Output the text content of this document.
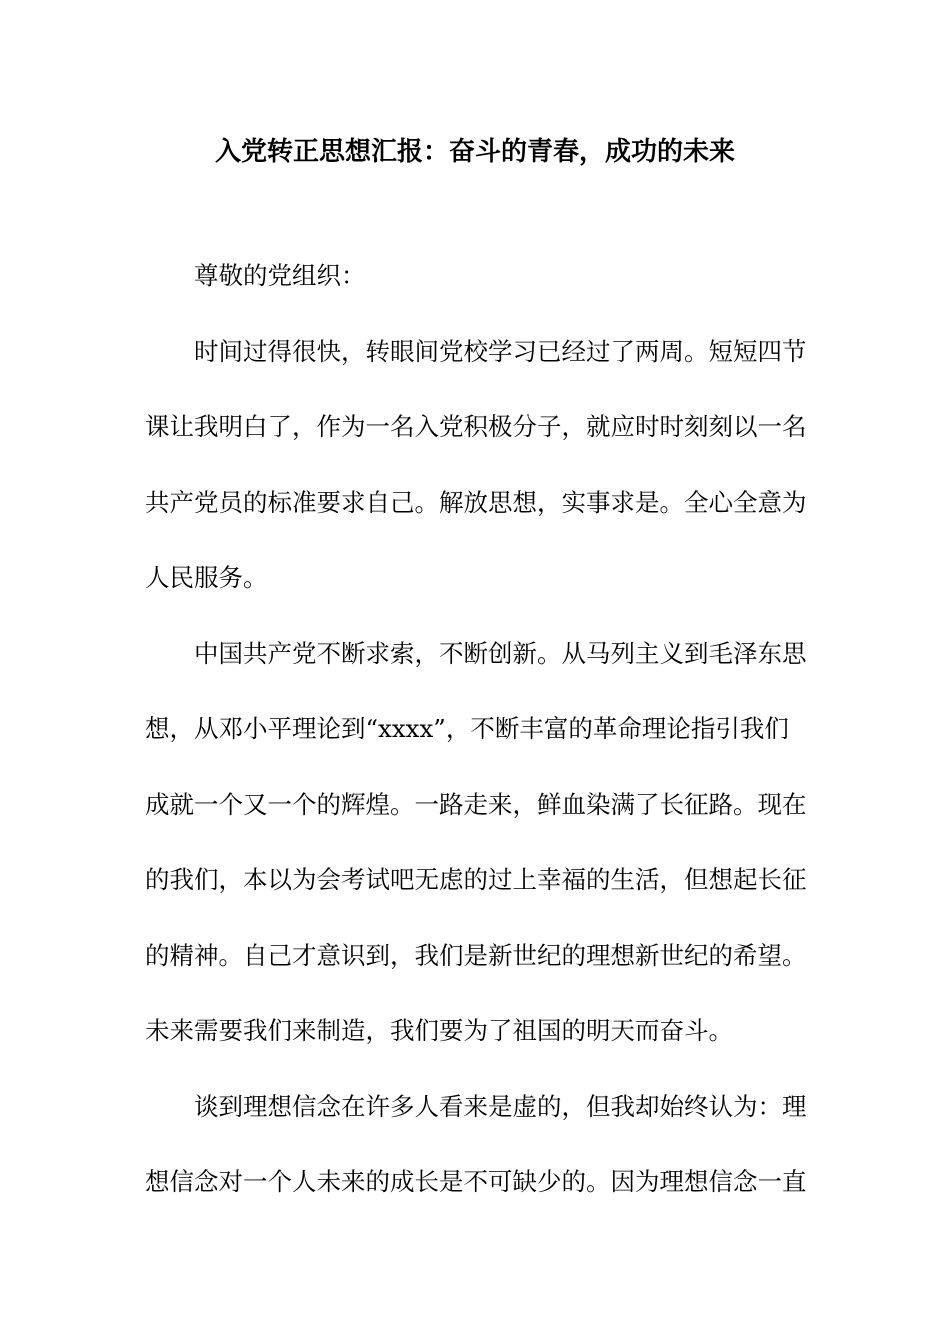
入党转正思想汇报：奋斗的青春，成功的未来
尊敬的党组织：
时间过得很快，转眼间党校学习已经过了两周。短短四节
课让我明白了，作为一名入党积极分子，就应时时刻刻以一名
共产党员的标准要求自己。解放思想，实事求是。全心全意为
人民服务。
中国共产党不断求索，不断创新。从马列主义到毛泽东思
想，从邓小平理论到“xxxx”，不断丰富的革命理论指引我们
成就一个又一个的辉煌。一路走来，鲜血染满了长征路。现在
的我们，本以为会考试吧无虑的过上幸福的生活，但想起长征
的精神。自己才意识到，我们是新世纪的理想新世纪的希望。
未来需要我们来制造，我们要为了祖国的明天而奋斗。
谈到理想信念在许多人看来是虚的，但我却始终认为：理
想信念对一个人未来的成长是不可缺少的。因为理想信念一直
